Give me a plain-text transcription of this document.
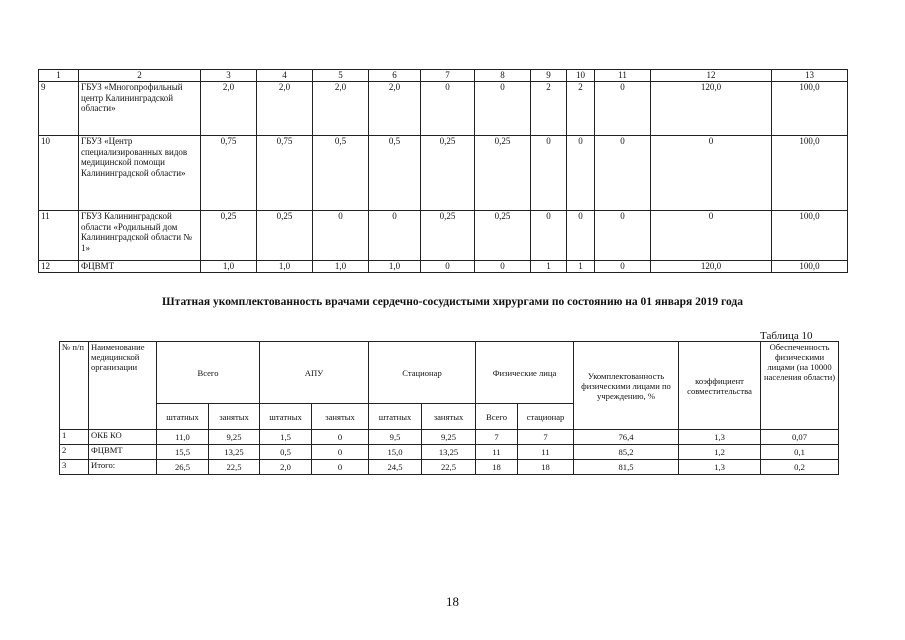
1	2	3	4	5	6	7	8	9	10	11	12	13
9	ГБУЗ «Многопрофильный центр Калининградской области»	2,0	2,0	2,0	2,0	0	0	2	2	0	120,0	100,0
10	ГБУЗ «Центр специализированных видов медицинской помощи Калининградской области»	0,75	0,75	0,5	0,5	0,25	0,25	0	0	0	0	100,0
11	ГБУЗ Калининградской области «Родильный дом Калининградской области № 1»	0,25	0,25	0	0	0,25	0,25	0	0	0	0	100,0
12	ФЦВМТ	1,0	1,0	1,0	1,0	0	0	1	1	0	120,0	100,0

Штатная укомплектованность врачами сердечно-сосудистыми хирургами по состоянию на 01 января 2019 года

Таблица 10
№ п/п	Наименование медицинской организации	Всего		АПУ		Стационар		Физические лица		Укомплектованность физическими лицами по учреждению, %	коэффициент совместительства	Обеспеченность физическими лицами (на 10000 населения области)
		штатных	занятых	штатных	занятых	штатных	занятых	Всего	стационар			
1	ОКБ КО	11,0	9,25	1,5	0	9,5	9,25	7	7	76,4	1,3	0,07
2	ФЦВМТ	15,5	13,25	0,5	0	15,0	13,25	11	11	85,2	1,2	0,1
3	Итого:	26,5	22,5	2,0	0	24,5	22,5	18	18	81,5	1,3	0,2
18
